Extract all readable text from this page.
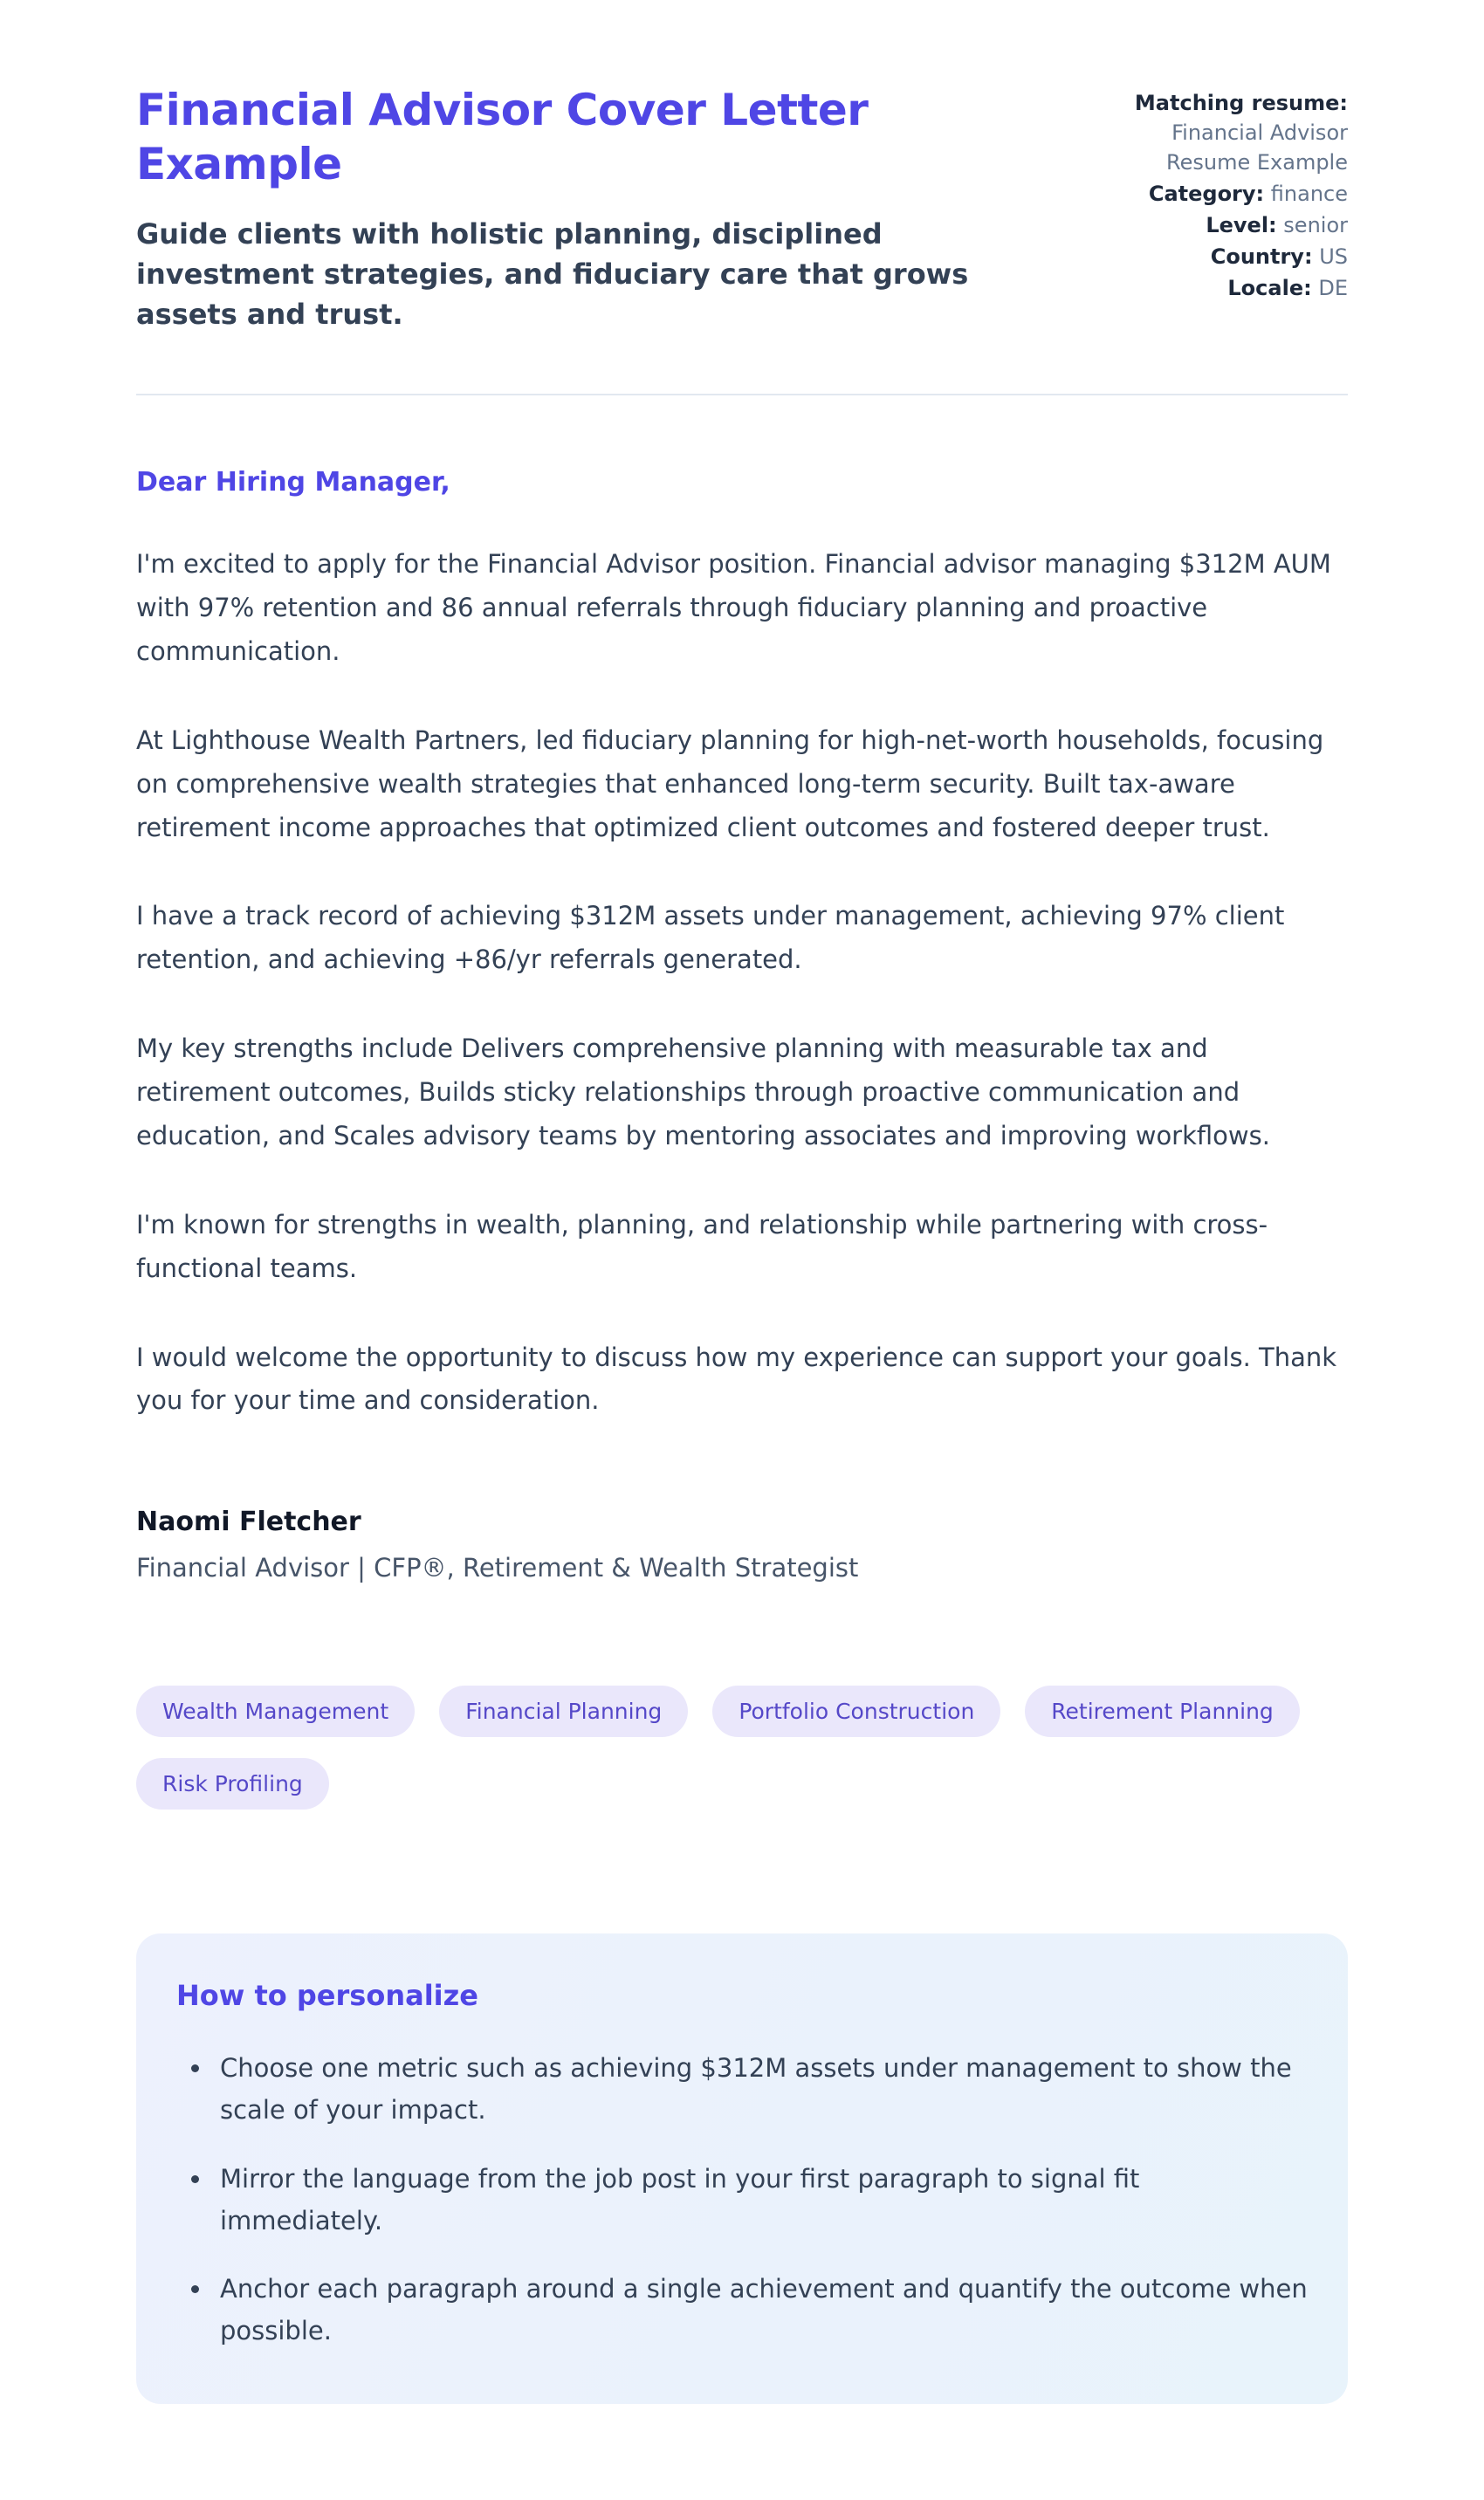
Financial Advisor Cover Letter Example

Guide clients with holistic planning, disciplined investment strategies, and fiduciary care that grows assets and trust.

Matching resume: Financial Advisor Resume Example
Category: finance
Level: senior
Country: US
Locale: DE

Dear Hiring Manager,

I'm excited to apply for the Financial Advisor position. Financial advisor managing $312M AUM with 97% retention and 86 annual referrals through fiduciary planning and proactive communication.

At Lighthouse Wealth Partners, led fiduciary planning for high-net-worth households, focusing on comprehensive wealth strategies that enhanced long-term security. Built tax-aware retirement income approaches that optimized client outcomes and fostered deeper trust.

I have a track record of achieving $312M assets under management, achieving 97% client retention, and achieving +86/yr referrals generated.

My key strengths include Delivers comprehensive planning with measurable tax and retirement outcomes, Builds sticky relationships through proactive communication and education, and Scales advisory teams by mentoring associates and improving workflows.

I'm known for strengths in wealth, planning, and relationship while partnering with cross-functional teams.

I would welcome the opportunity to discuss how my experience can support your goals. Thank you for your time and consideration.

Naomi Fletcher

Financial Advisor | CFP®, Retirement & Wealth Strategist

Wealth Management	Financial Planning	Portfolio Construction	Retirement Planning
Risk Profiling
How to personalize
• Choose one metric such as achieving $312M assets under management to show the scale of your impact.
• Mirror the language from the job post in your first paragraph to signal fit immediately.
• Anchor each paragraph around a single achievement and quantify the outcome when possible.
